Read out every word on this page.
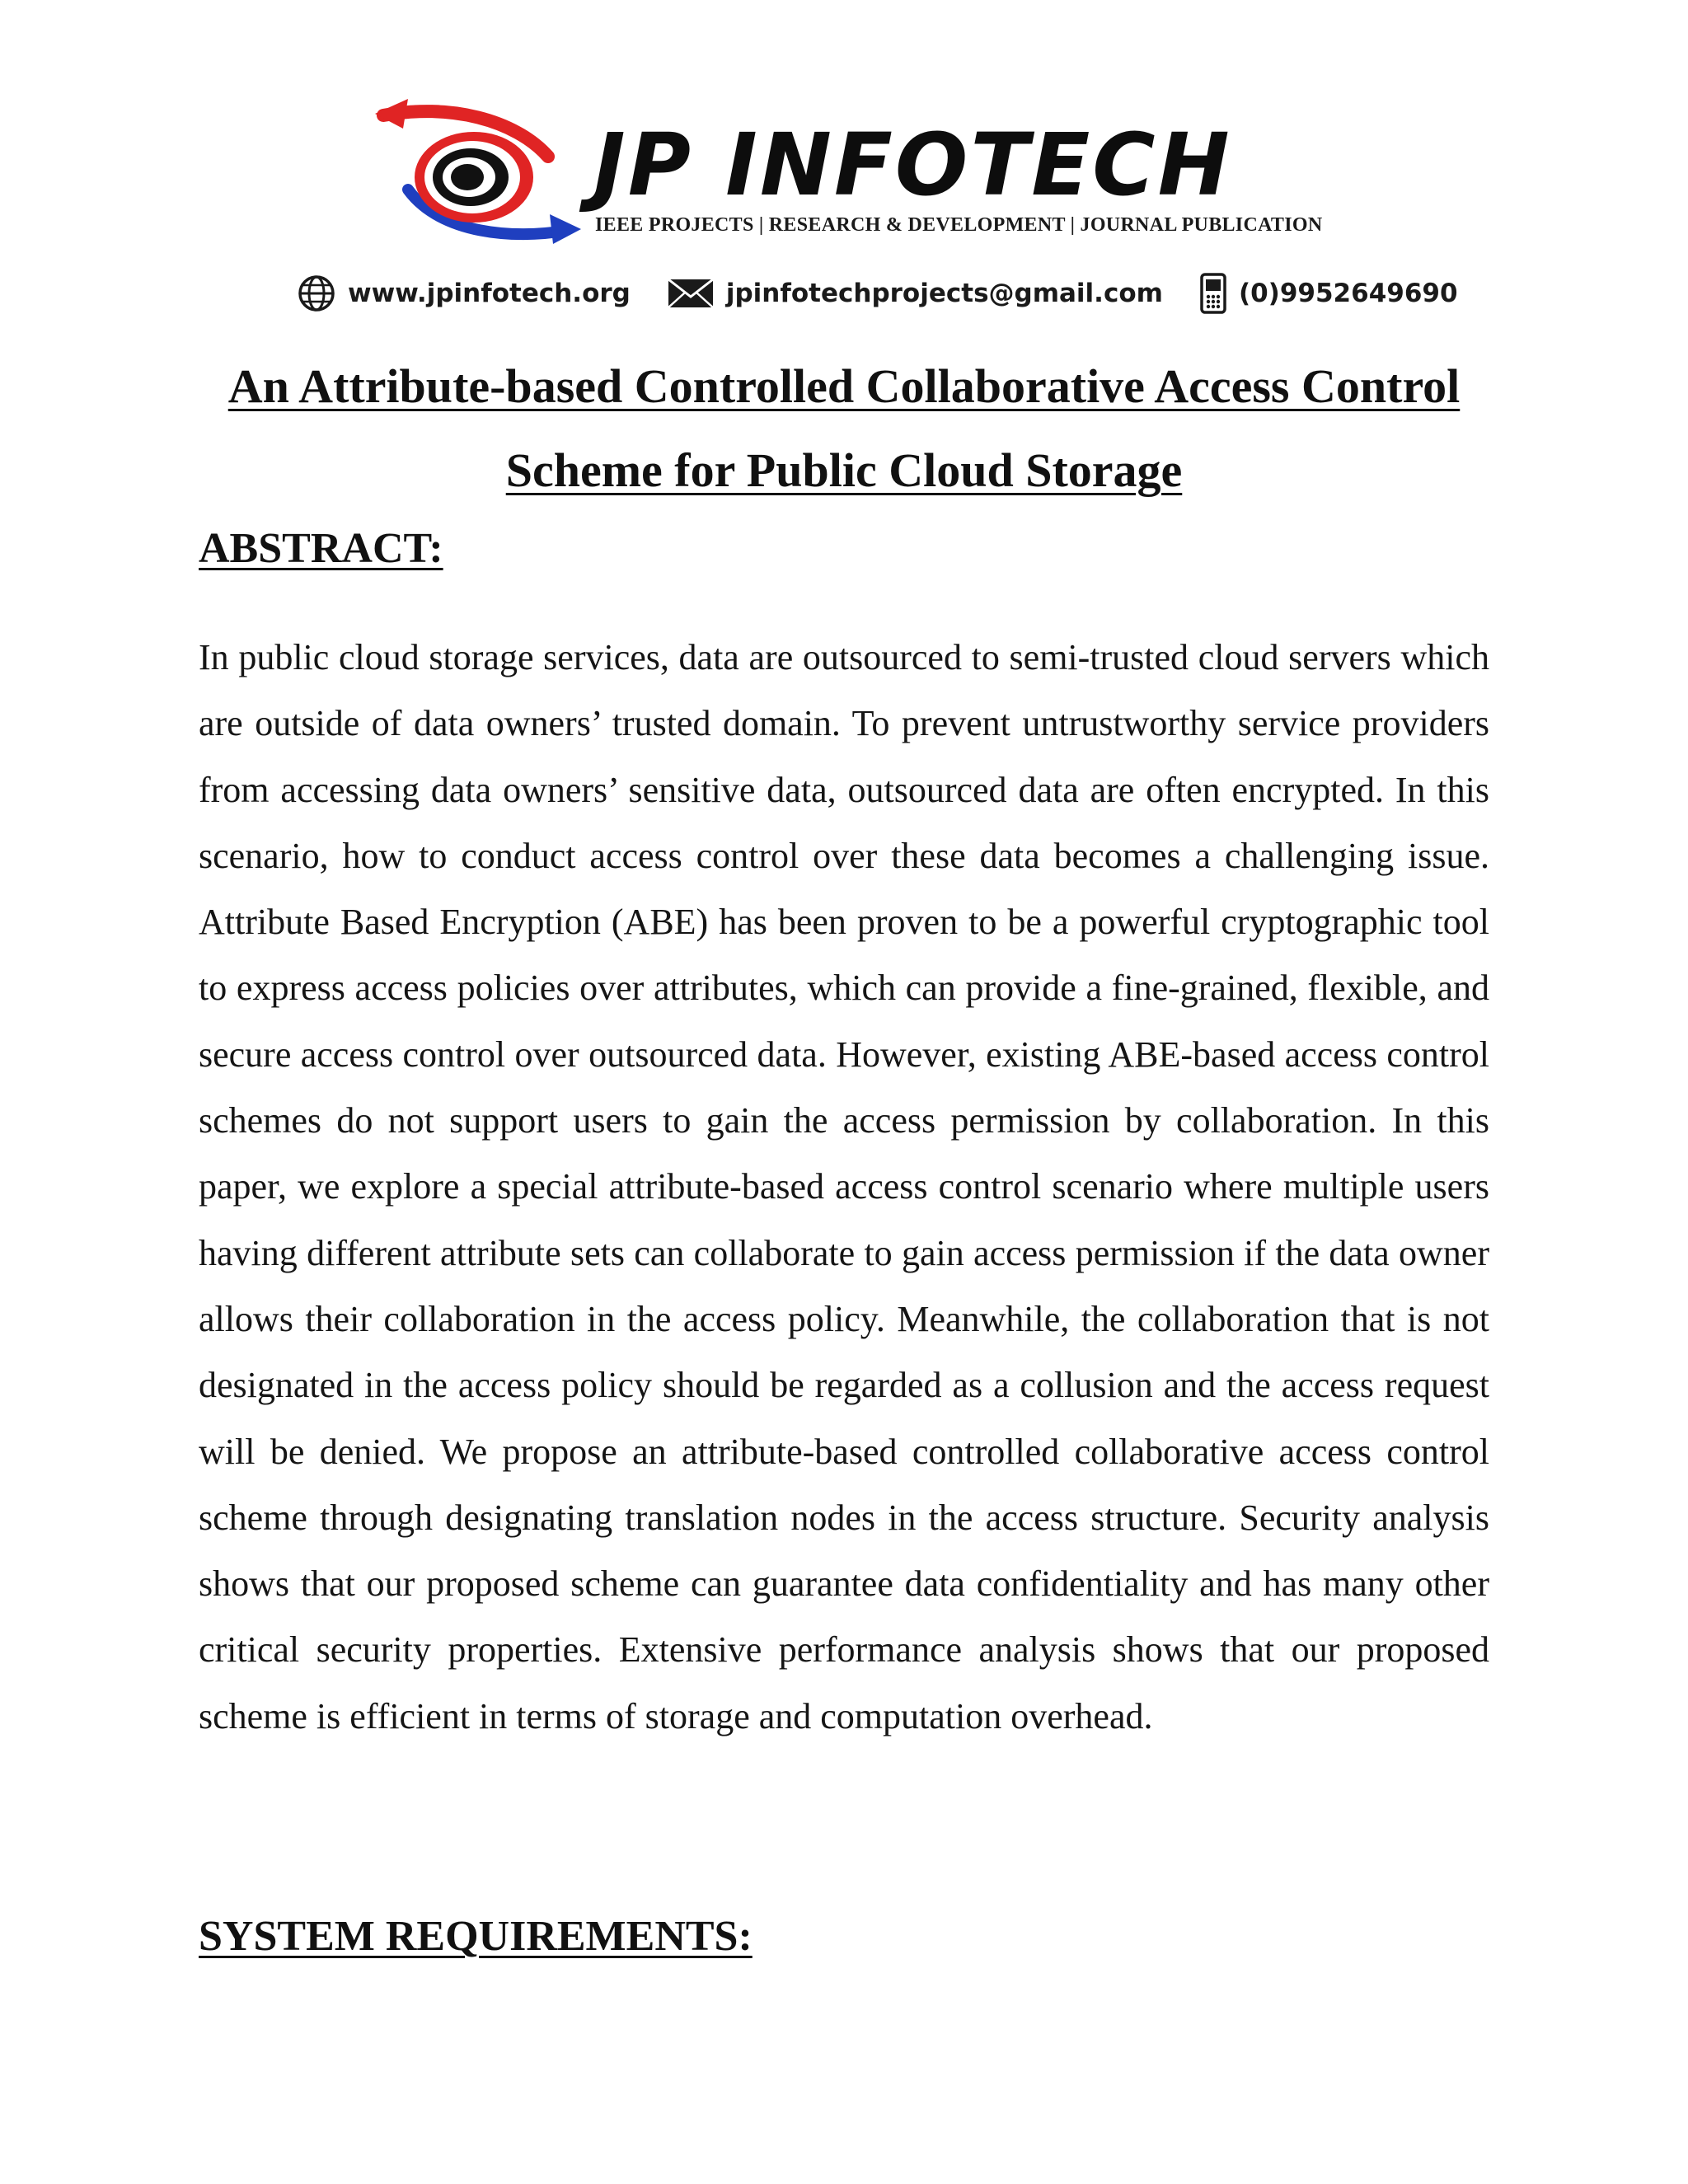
JP INFOTECH
IEEE PROJECTS | RESEARCH & DEVELOPMENT | JOURNAL PUBLICATION
www.jpinfotech.org	jpinfotechprojects@gmail.com	(0)9952649690
An Attribute-based Controlled Collaborative Access Control
Scheme for Public Cloud Storage
ABSTRACT:

In public cloud storage services, data are outsourced to semi-trusted cloud servers which are outside of data owners’ trusted domain. To prevent untrustworthy service providers from accessing data owners’ sensitive data, outsourced data are often encrypted. In this scenario, how to conduct access control over these data becomes a challenging issue. Attribute Based Encryption (ABE) has been proven to be a powerful cryptographic tool to express access policies over attributes, which can provide a fine-grained, flexible, and secure access control over outsourced data. However, existing ABE-based access control schemes do not support users to gain the access permission by collaboration. In this paper, we explore a special attribute-based access control scenario where multiple users having different attribute sets can collaborate to gain access permission if the data owner allows their collaboration in the access policy. Meanwhile, the collaboration that is not designated in the access policy should be regarded as a collusion and the access request will be denied. We propose an attribute-based controlled collaborative access control scheme through designating translation nodes in the access structure. Security analysis shows that our proposed scheme can guarantee data confidentiality and has many other critical security properties. Extensive performance analysis shows that our proposed scheme is efficient in terms of storage and computation overhead.

SYSTEM REQUIREMENTS:
